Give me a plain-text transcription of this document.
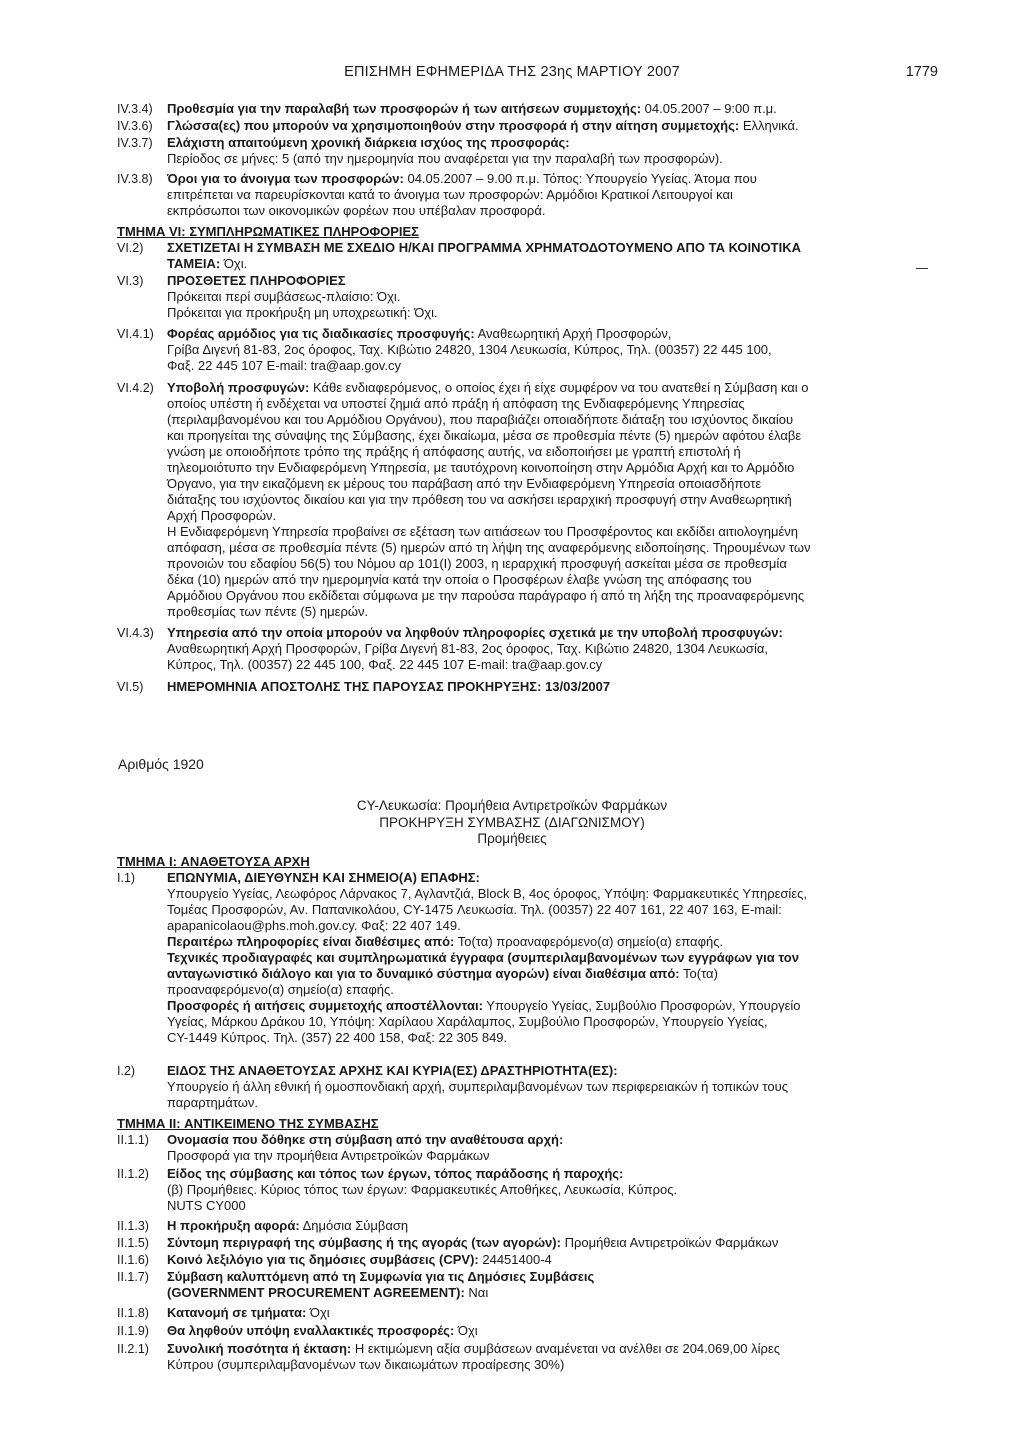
ΕΠΙΣΗΜΗ ΕΦΗΜΕΡΙΔΑ ΤΗΣ 23ης ΜΑΡΤΙΟΥ 2007	1779
IV.3.4)	Προθεσμία για την παραλαβή των προσφορών ή των αιτήσεων συμμετοχής: 04.05.2007 – 9:00 π.μ.
IV.3.6)	Γλώσσα(ες) που μπορούν να χρησιμοποιηθούν στην προσφορά ή στην αίτηση συμμετοχής: Ελληνικά.
IV.3.7)	Ελάχιστη απαιτούμενη χρονική διάρκεια ισχύος της προσφοράς:
Περίοδος σε μήνες: 5 (από την ημερομηνία που αναφέρεται για την παραλαβή των προσφορών).
IV.3.8)	Όροι για το άνοιγμα των προσφορών: 04.05.2007 – 9.00 π.μ. Τόπος: Υπουργείο Υγείας. Άτομα που
επιτρέπεται να παρευρίσκονται κατά το άνοιγμα των προσφορών: Αρμόδιοι Κρατικοί Λειτουργοί και
εκπρόσωποι των οικονομικών φορέων που υπέβαλαν προσφορά.
ΤΜΗΜΑ VI: ΣΥΜΠΛΗΡΩΜΑΤΙΚΕΣ ΠΛΗΡΟΦΟΡΙΕΣ
VI.2)	ΣΧΕΤΙΖΕΤΑΙ Η ΣΥΜΒΑΣΗ ΜΕ ΣΧΕΔΙΟ Η/ΚΑΙ ΠΡΟΓΡΑΜΜΑ ΧΡΗΜΑΤΟΔΟΤΟΥΜΕΝΟ ΑΠΟ ΤΑ ΚΟΙΝΟΤΙΚΑ
ΤΑΜΕΙΑ: Όχι.
VI.3)	ΠΡΟΣΘΕΤΕΣ ΠΛΗΡΟΦΟΡΙΕΣ
Πρόκειται περί συμβάσεως-πλαίσιο: Όχι.
Πρόκειται για προκήρυξη μη υποχρεωτική: Όχι.
VI.4.1)	Φορέας αρμόδιος για τις διαδικασίες προσφυγής: Αναθεωρητική Αρχή Προσφορών,
Γρίβα Διγενή 81-83, 2ος όροφος, Ταχ. Κιβώτιο 24820, 1304 Λευκωσία, Κύπρος, Τηλ. (00357) 22 445 100,
Φαξ. 22 445 107 E-mail: tra@aap.gov.cy
VI.4.2)	Υποβολή προσφυγών: Κάθε ενδιαφερόμενος, ο οποίος έχει ή είχε συμφέρον να του ανατεθεί η Σύμβαση και ο
οποίος υπέστη ή ενδέχεται να υποστεί ζημιά από πράξη ή απόφαση της Ενδιαφερόμενης Υπηρεσίας
(περιλαμβανομένου και του Αρμόδιου Οργάνου), που παραβιάζει οποιαδήποτε διάταξη του ισχύοντος δικαίου
και προηγείται της σύναψης της Σύμβασης, έχει δικαίωμα, μέσα σε προθεσμία πέντε (5) ημερών αφότου έλαβε
γνώση με οποιοδήποτε τρόπο της πράξης ή απόφασης αυτής, να ειδοποιήσει με γραπτή επιστολή ή
τηλεομοιότυπο την Ενδιαφερόμενη Υπηρεσία, με ταυτόχρονη κοινοποίηση στην Αρμόδια Αρχή και το Αρμόδιο
Όργανο, για την εικαζόμενη εκ μέρους του παράβαση από την Ενδιαφερόμενη Υπηρεσία οποιασδήποτε
διάταξης του ισχύοντος δικαίου και για την πρόθεση του να ασκήσει ιεραρχική προσφυγή στην Αναθεωρητική
Αρχή Προσφορών.
Η Ενδιαφερόμενη Υπηρεσία προβαίνει σε εξέταση των αιτιάσεων του Προσφέροντος και εκδίδει αιτιολογημένη
απόφαση, μέσα σε προθεσμία πέντε (5) ημερών από τη λήψη της αναφερόμενης ειδοποίησης. Τηρουμένων των
προνοιών του εδαφίου 56(5) του Νόμου αρ 101(I) 2003, η ιεραρχική προσφυγή ασκείται μέσα σε προθεσμία
δέκα (10) ημερών από την ημερομηνία κατά την οποία ο Προσφέρων έλαβε γνώση της απόφασης του
Αρμόδιου Οργάνου που εκδίδεται σύμφωνα με την παρούσα παράγραφο ή από τη λήξη της προαναφερόμενης
προθεσμίας των πέντε (5) ημερών.
VI.4.3)	Υπηρεσία από την οποία μπορούν να ληφθούν πληροφορίες σχετικά με την υποβολή προσφυγών:
Αναθεωρητική Αρχή Προσφορών, Γρίβα Διγενή 81-83, 2ος όροφος, Ταχ. Κιβώτιο 24820, 1304 Λευκωσία,
Κύπρος, Τηλ. (00357) 22 445 100, Φαξ. 22 445 107 E-mail: tra@aap.gov.cy
VI.5)	ΗΜΕΡΟΜΗΝΙΑ ΑΠΟΣΤΟΛΗΣ ΤΗΣ ΠΑΡΟΥΣΑΣ ΠΡΟΚΗΡΥΞΗΣ: 13/03/2007
Αριθμός 1920
CY-Λευκωσία: Προμήθεια Αντιρετροϊκών Φαρμάκων
ΠΡΟΚΗΡΥΞΗ ΣΥΜΒΑΣΗΣ (ΔΙΑΓΩΝΙΣΜΟΥ)
Προμήθειες
ΤΜΗΜΑ I: ΑΝΑΘΕΤΟΥΣΑ ΑΡΧΗ
I.1)	ΕΠΩΝΥΜΙΑ, ΔΙΕΥΘΥΝΣΗ ΚΑΙ ΣΗΜΕΙΟ(Α) ΕΠΑΦΗΣ:
Υπουργείο Υγείας, Λεωφόρος Λάρνακος 7, Αγλαντζιά, Block B, 4ος όροφος, Υπόψη: Φαρμακευτικές Υπηρεσίες,
Τομέας Προσφορών, Αν. Παπανικολάου, CY-1475 Λευκωσία. Τηλ. (00357) 22 407 161, 22 407 163, E-mail:
apapanicolaou@phs.moh.gov.cy. Φαξ: 22 407 149.
Περαιτέρω πληροφορίες είναι διαθέσιμες από: Το(τα) προαναφερόμενο(α) σημείο(α) επαφής.
Τεχνικές προδιαγραφές και συμπληρωματικά έγγραφα (συμπεριλαμβανομένων των εγγράφων για τον
ανταγωνιστικό διάλογο και για το δυναμικό σύστημα αγορών) είναι διαθέσιμα από: Το(τα)
προαναφερόμενο(α) σημείο(α) επαφής.
Προσφορές ή αιτήσεις συμμετοχής αποστέλλονται: Υπουργείο Υγείας, Συμβούλιο Προσφορών, Υπουργείο
Υγείας, Μάρκου Δράκου 10, Υπόψη: Χαρίλαου Χαράλαμπος, Συμβούλιο Προσφορών, Υπουργείο Υγείας,
CY-1449 Κύπρος. Τηλ. (357) 22 400 158, Φαξ: 22 305 849.
I.2)	ΕΙΔΟΣ ΤΗΣ ΑΝΑΘΕΤΟΥΣΑΣ ΑΡΧΗΣ ΚΑΙ ΚΥΡΙΑ(ΕΣ) ΔΡΑΣΤΗΡΙΟΤΗΤΑ(ΕΣ):
Υπουργείο ή άλλη εθνική ή ομοσπονδιακή αρχή, συμπεριλαμβανομένων των περιφερειακών ή τοπικών τους
παραρτημάτων.
ΤΜΗΜΑ II: ΑΝΤΙΚΕΙΜΕΝΟ ΤΗΣ ΣΥΜΒΑΣΗΣ
II.1.1)	Ονομασία που δόθηκε στη σύμβαση από την αναθέτουσα αρχή:
Προσφορά για την προμήθεια Αντιρετροϊκών Φαρμάκων
II.1.2)	Είδος της σύμβασης και τόπος των έργων, τόπος παράδοσης ή παροχής:
(β) Προμήθειες. Κύριος τόπος των έργων: Φαρμακευτικές Αποθήκες, Λευκωσία, Κύπρος.
NUTS CY000
II.1.3)	Η προκήρυξη αφορά: Δημόσια Σύμβαση
II.1.5)	Σύντομη περιγραφή της σύμβασης ή της αγοράς (των αγορών): Προμήθεια Αντιρετροϊκών Φαρμάκων
II.1.6)	Κοινό λεξιλόγιο για τις δημόσιες συμβάσεις (CPV): 24451400-4
II.1.7)	Σύμβαση καλυπτόμενη από τη Συμφωνία για τις Δημόσιες Συμβάσεις
(GOVERNMENT PROCUREMENT AGREEMENT): Ναι
II.1.8)	Κατανομή σε τμήματα: Όχι
II.1.9)	Θα ληφθούν υπόψη εναλλακτικές προσφορές: Όχι
II.2.1)	Συνολική ποσότητα ή έκταση: Η εκτιμώμενη αξία συμβάσεων αναμένεται να ανέλθει σε 204.069,00 λίρες
Κύπρου (συμπεριλαμβανομένων των δικαιωμάτων προαίρεσης 30%)
